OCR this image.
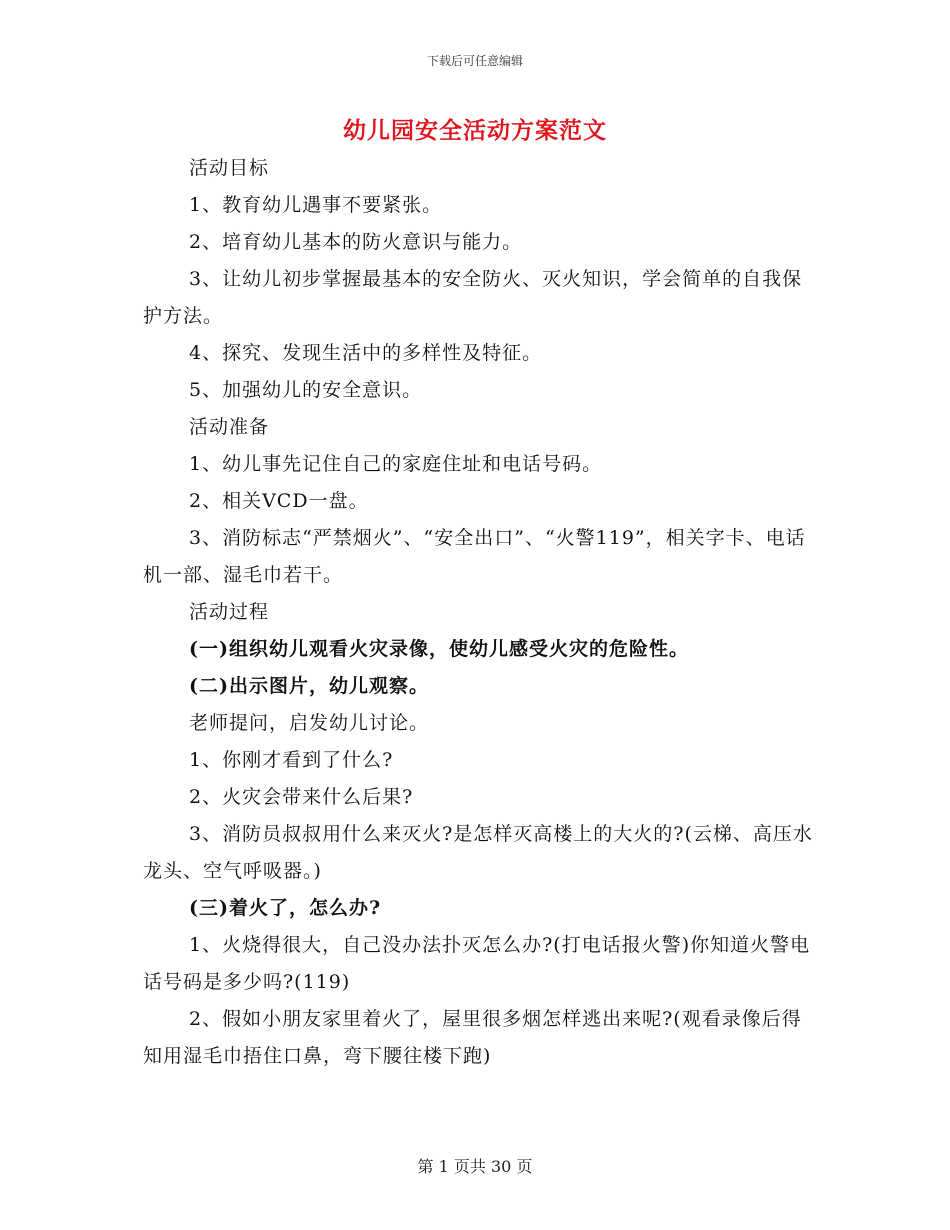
下载后可任意编辑
幼儿园安全活动方案范文

活动目标

1、教育幼儿遇事不要紧张。

2、培育幼儿基本的防火意识与能力。

3、让幼儿初步掌握最基本的安全防火、灭火知识，学会简单的自我保护方法。

4、探究、发现生活中的多样性及特征。

5、加强幼儿的安全意识。

活动准备

1、幼儿事先记住自己的家庭住址和电话号码。

2、相关VCD一盘。

3、消防标志“严禁烟火”、“安全出口”、“火警119”，相关字卡、电话机一部、湿毛巾若干。

活动过程

(一)组织幼儿观看火灾录像，使幼儿感受火灾的危险性。

(二)出示图片，幼儿观察。

老师提问，启发幼儿讨论。

1、你刚才看到了什么?

2、火灾会带来什么后果?

3、消防员叔叔用什么来灭火?是怎样灭高楼上的大火的?(云梯、高压水龙头、空气呼吸器。)

(三)着火了，怎么办?

1、火烧得很大，自己没办法扑灭怎么办?(打电话报火警)你知道火警电话号码是多少吗?(119)

2、假如小朋友家里着火了，屋里很多烟怎样逃出来呢?(观看录像后得知用湿毛巾捂住口鼻，弯下腰往楼下跑)

第 1 页共 30 页
